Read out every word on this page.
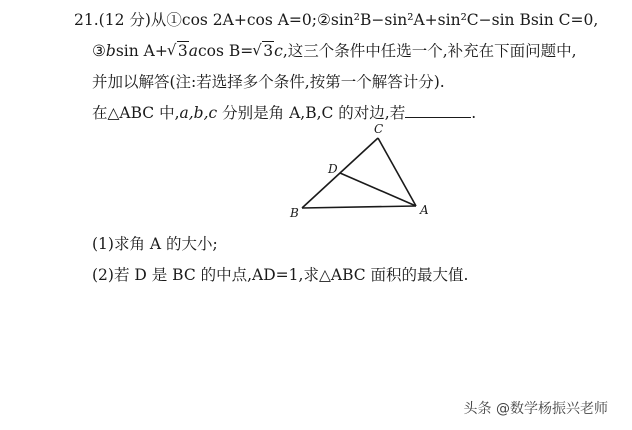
21.(12 分)从①cos 2A+cos A=0;②sin²B−sin²A+sin²C−sin Bsin C=0,
③bsin A+ √ 3acos B= √ 3c,这三个条件中任选一个,补充在下面问题中,
并加以解答(注:若选择多个条件,按第一个解答计分).
在△ABC 中,a,b,c 分别是角 A,B,C 的对边,若	.
C
D
B	A
(1)求角 A 的大小;
(2)若 D 是 BC 的中点,AD=1,求△ABC 面积的最大值.
头条 @数学杨振兴老师
